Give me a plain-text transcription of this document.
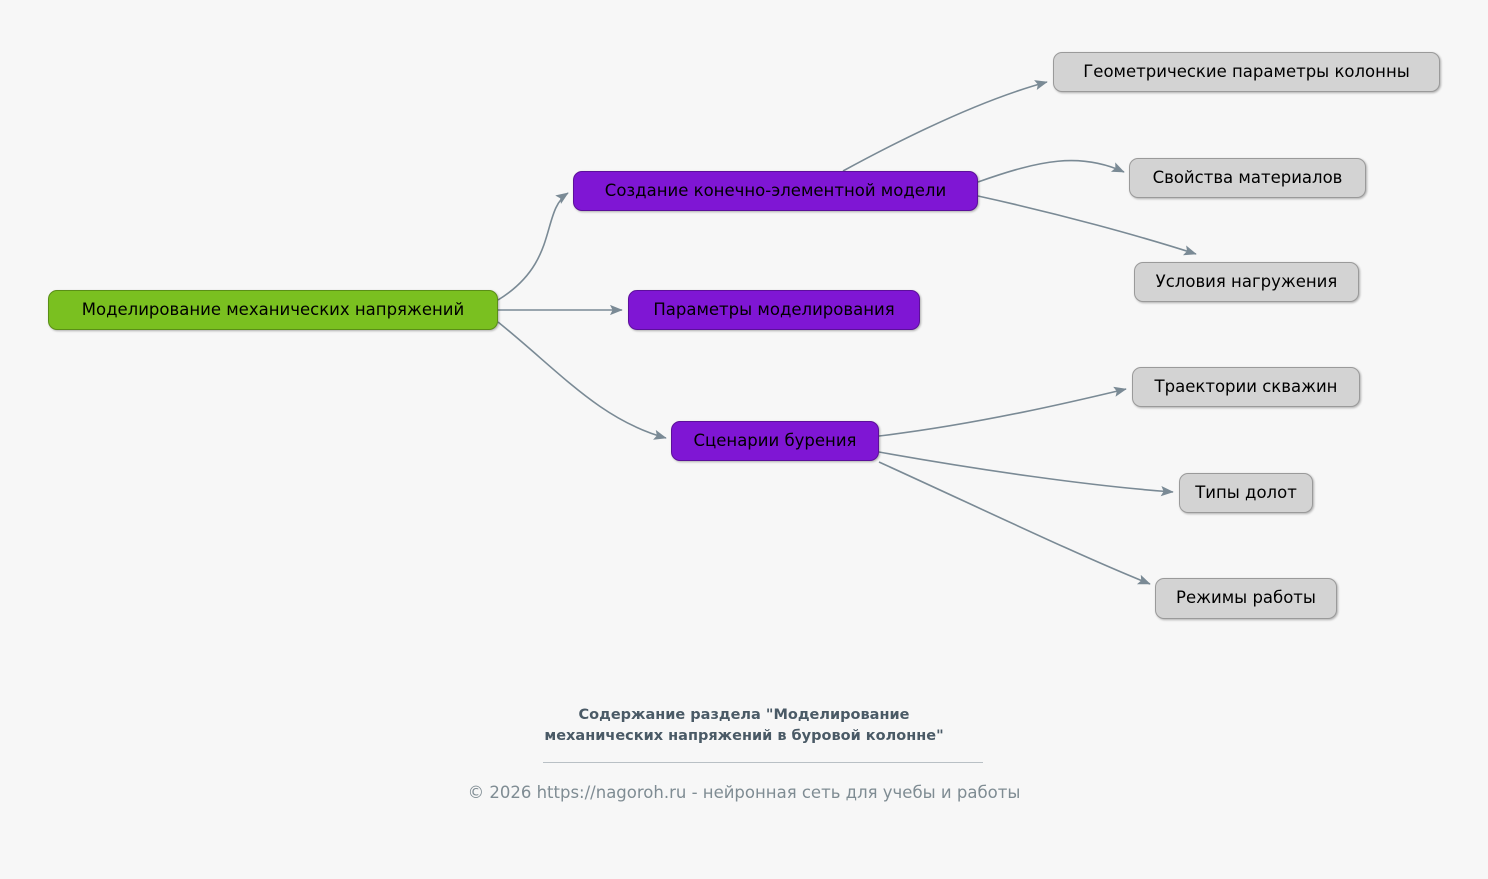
Моделирование механических напряжений
Создание конечно-элементной модели
Параметры моделирования
Сценарии бурения
Геометрические параметры колонны
Свойства материалов
Условия нагружения
Траектории скважин
Типы долот
Режимы работы
Содержание раздела "Моделирование
механических напряжений в буровой колонне"
© 2026 https://nagoroh.ru - нейронная сеть для учебы и работы
